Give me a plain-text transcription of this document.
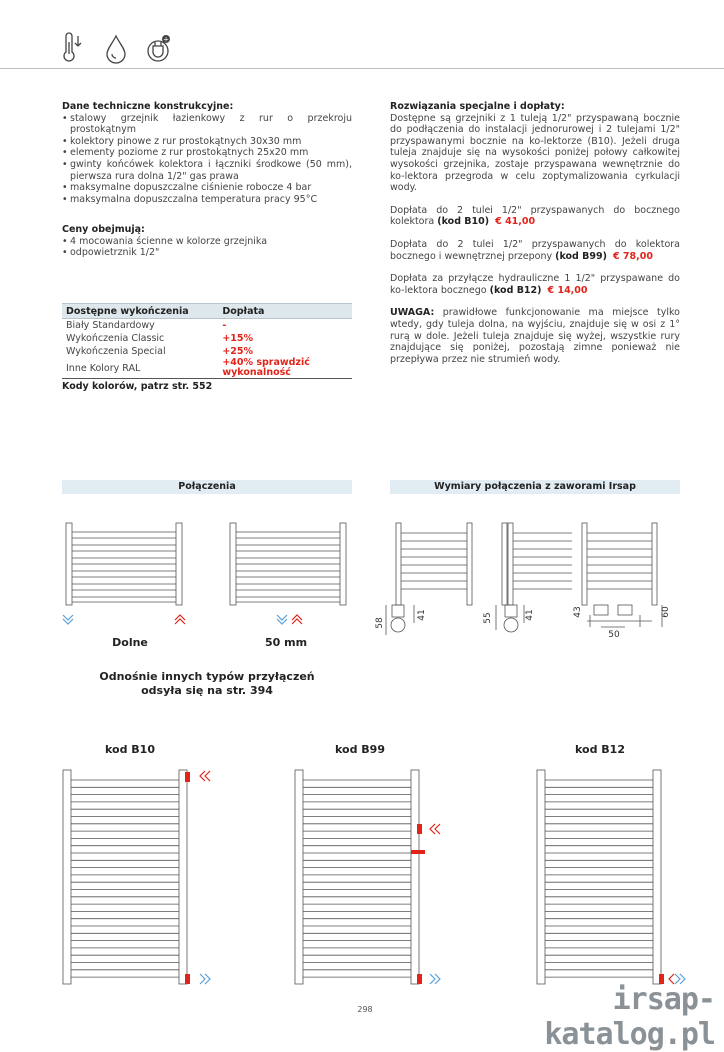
+
Dane techniczne konstrukcyjne:
• stalowy grzejnik łazienkowy z rur o przekroju prostokątnym
• kolektory pinowe z rur prostokątnych 30x30 mm
• elementy poziome z rur prostokątnych 25x20 mm
• gwinty końcówek kolektora i łączniki środkowe (50 mm), pierwsza rura dolna 1/2" gas prawa
• maksymalne dopuszczalne ciśnienie robocze 4 bar
• maksymalna dopuszczalna temperatura pracy 95°C
Ceny obejmują:
• 4 mocowania ścienne w kolorze grzejnika
• odpowietrznik 1/2"
Dostępne wykończenia	Dopłata
Biały Standardowy	-
Wykończenia Classic	+15%
Wykończenia Special	+25%
Inne Kolory RAL	+40% sprawdzić wykonalność
Kody kolorów, patrz str. 552
Rozwiązania specjalne i dopłaty:
Dostępne są grzejniki z 1 tuleją 1/2" przyspawaną bocznie do podłączenia do instalacji jednorurowej i 2 tulejami 1/2" przyspawanymi bocznie na ko-lektorze (B10). Jeżeli druga tuleja znajduje się na wysokości poniżej połowy całkowitej wysokości grzejnika, zostaje przyspawana wewnętrznie do ko-lektora przegroda w celu zoptymalizowania cyrkulacji wody.
Dopłata do 2 tulei 1/2" przyspawanych do bocznego kolektora (kod B10) € 41,00
Dopłata do 2 tulei 1/2" przyspawanych do kolektora bocznego i wewnętrznej przepony (kod B99) € 78,00
Dopłata za przyłącze hydrauliczne 1 1/2" przyspawane do ko-lektora bocznego (kod B12) € 14,00
UWAGA: prawidłowe funkcjonowanie ma miejsce tylko wtedy, gdy tuleja dolna, na wyjściu, znajduje się w osi z 1° rurą w dole. Jeżeli tuleja znajduje się wyżej, wszystkie rury znajdujące się poniżej, pozostają zimne ponieważ nie przepływa przez nie strumień wody.
Połączenia	Wymiary połączenia z zaworami Irsap
Dolne	50 mm
Odnośnie innych typów przyłączeń
odsyła się na str. 394
58
41	55	41	43	60
50
kod B10	kod B99	kod B12
298	irsap-katalog.pl
